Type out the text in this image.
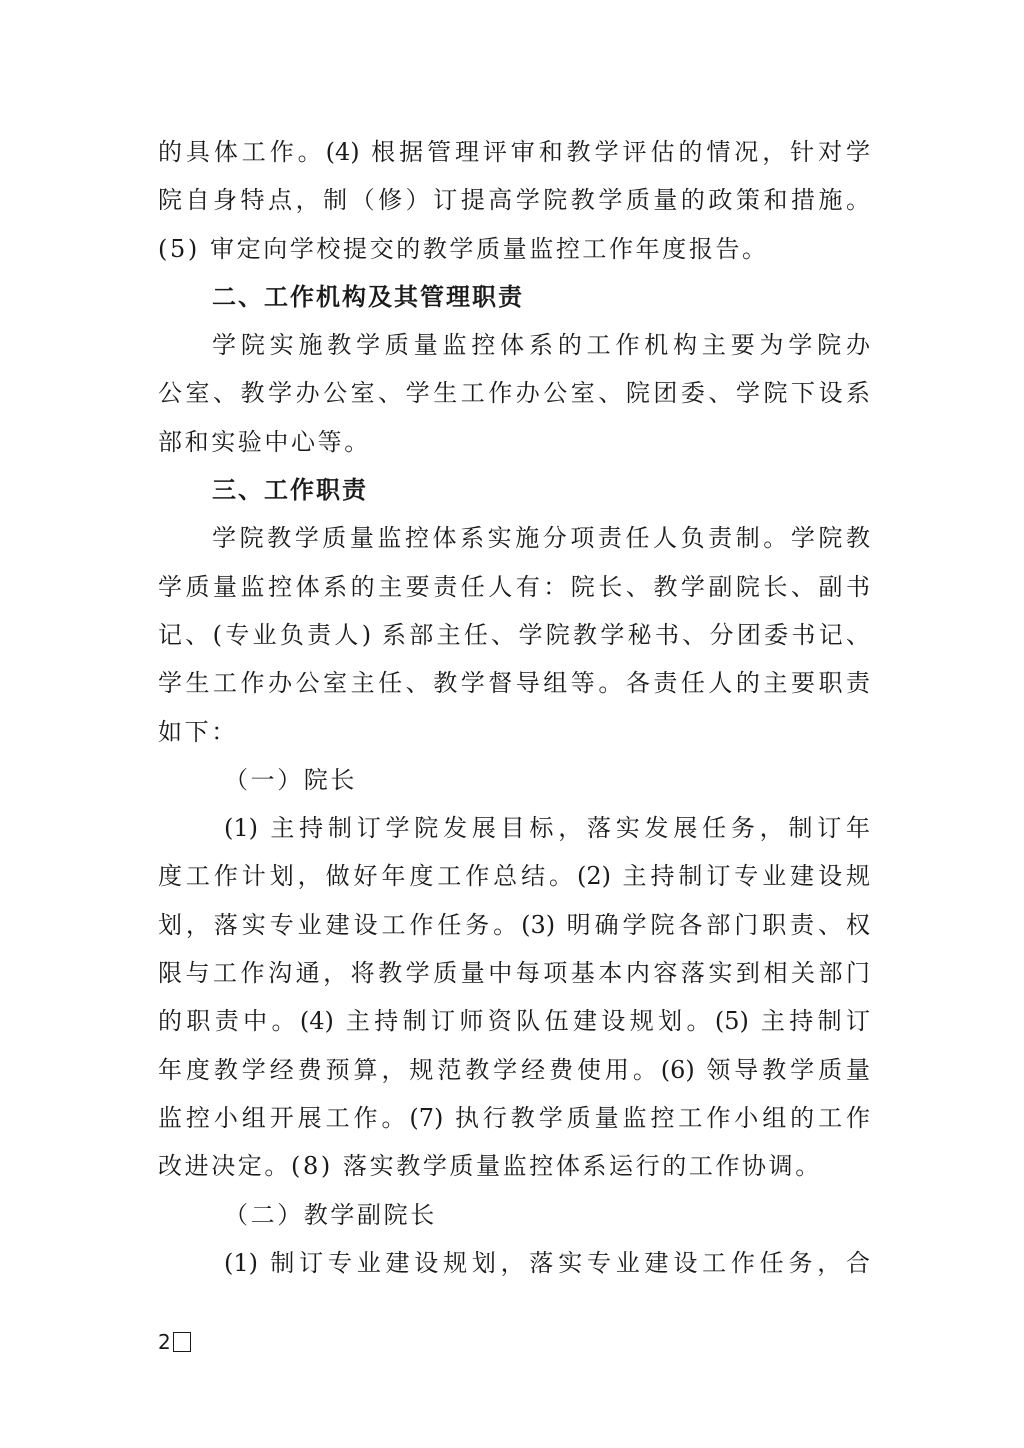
的具体工作。(4) 根据管理评审和教学评估的情况，针对学
院自身特点，制（修）订提高学院教学质量的政策和措施。
(5) 审定向学校提交的教学质量监控工作年度报告。
二、工作机构及其管理职责
学院实施教学质量监控体系的工作机构主要为学院办
公室、教学办公室、学生工作办公室、院团委、学院下设系
部和实验中心等。
三、工作职责
学院教学质量监控体系实施分项责任人负责制。学院教
学质量监控体系的主要责任人有：院长、教学副院长、副书
记、(专业负责人) 系部主任、学院教学秘书、分团委书记、
学生工作办公室主任、教学督导组等。各责任人的主要职责
如下：
（一）院长
(1) 主持制订学院发展目标，落实发展任务，制订年
度工作计划，做好年度工作总结。(2) 主持制订专业建设规
划，落实专业建设工作任务。(3) 明确学院各部门职责、权
限与工作沟通，将教学质量中每项基本内容落实到相关部门
的职责中。(4) 主持制订师资队伍建设规划。(5) 主持制订
年度教学经费预算，规范教学经费使用。(6) 领导教学质量
监控小组开展工作。(7) 执行教学质量监控工作小组的工作
改进决定。(8) 落实教学质量监控体系运行的工作协调。
（二）教学副院长
(1) 制订专业建设规划，落实专业建设工作任务，合
2
